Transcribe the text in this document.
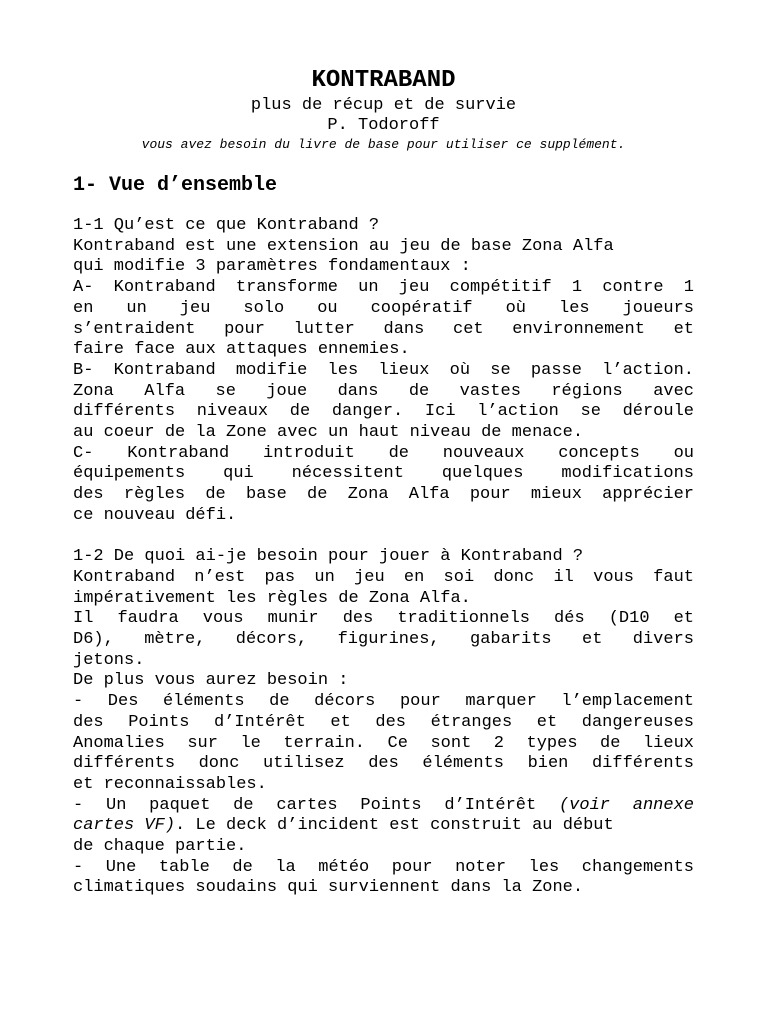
KONTRABAND

plus de récup et de survie

P. Todoroff

vous avez besoin du livre de base pour utiliser ce supplément.

1- Vue d’ensemble

1-1 Qu’est ce que Kontraband ?

Kontraband est une extension au jeu de base Zona Alfa

qui modifie 3 paramètres fondamentaux :

A- Kontraband transforme un jeu compétitif 1 contre 1

en un jeu solo ou coopératif où les joueurs

s’entraident pour lutter dans cet environnement et

faire face aux attaques ennemies.

B- Kontraband modifie les lieux où se passe l’action.

Zona Alfa se joue dans de vastes régions avec

différents niveaux de danger. Ici l’action se déroule

au coeur de la Zone avec un haut niveau de menace.

C- Kontraband introduit de nouveaux concepts ou

équipements qui nécessitent quelques modifications

des règles de base de Zona Alfa pour mieux apprécier

ce nouveau défi.

1-2 De quoi ai-je besoin pour jouer à Kontraband ?

Kontraband n’est pas un jeu en soi donc il vous faut

impérativement les règles de Zona Alfa.

Il faudra vous munir des traditionnels dés (D10 et

D6), mètre, décors, figurines, gabarits et divers

jetons.

De plus vous aurez besoin :

- Des éléments de décors pour marquer l’emplacement

des Points d’Intérêt et des étranges et dangereuses

Anomalies sur le terrain. Ce sont 2 types de lieux

différents donc utilisez des éléments bien différents

et reconnaissables.

- Un paquet de cartes Points d’Intérêt (voir annexe

cartes VF). Le deck d’incident est construit au début

de chaque partie.

- Une table de la météo pour noter les changements

climatiques soudains qui surviennent dans la Zone.
